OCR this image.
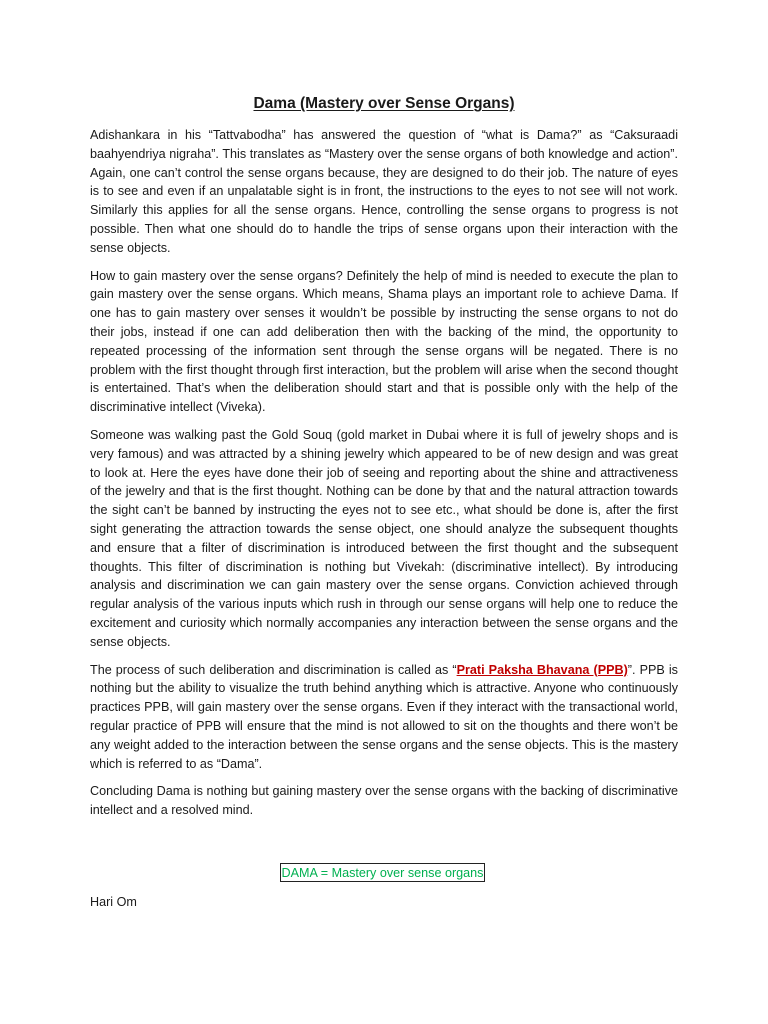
Dama (Mastery over Sense Organs)

Adishankara in his “Tattvabodha” has answered the question of “what is Dama?” as “Caksuraadi baahyendriya nigraha”. This translates as “Mastery over the sense organs of both knowledge and action”. Again, one can’t control the sense organs because, they are designed to do their job. The nature of eyes is to see and even if an unpalatable sight is in front, the instructions to the eyes to not see will not work. Similarly this applies for all the sense organs. Hence, controlling the sense organs to progress is not possible. Then what one should do to handle the trips of sense organs upon their interaction with the sense objects.

How to gain mastery over the sense organs? Definitely the help of mind is needed to execute the plan to gain mastery over the sense organs. Which means, Shama plays an important role to achieve Dama. If one has to gain mastery over senses it wouldn’t be possible by instructing the sense organs to not do their jobs, instead if one can add deliberation then with the backing of the mind, the opportunity to repeated processing of the information sent through the sense organs will be negated. There is no problem with the first thought through first interaction, but the problem will arise when the second thought is entertained. That’s when the deliberation should start and that is possible only with the help of the discriminative intellect (Viveka).

Someone was walking past the Gold Souq (gold market in Dubai where it is full of jewelry shops and is very famous) and was attracted by a shining jewelry which appeared to be of new design and was great to look at. Here the eyes have done their job of seeing and reporting about the shine and attractiveness of the jewelry and that is the first thought. Nothing can be done by that and the natural attraction towards the sight can’t be banned by instructing the eyes not to see etc., what should be done is, after the first sight generating the attraction towards the sense object, one should analyze the subsequent thoughts and ensure that a filter of discrimination is introduced between the first thought and the subsequent thoughts. This filter of discrimination is nothing but Vivekah: (discriminative intellect). By introducing analysis and discrimination we can gain mastery over the sense organs. Conviction achieved through regular analysis of the various inputs which rush in through our sense organs will help one to reduce the excitement and curiosity which normally accompanies any interaction between the sense organs and the sense objects.

The process of such deliberation and discrimination is called as “Prati Paksha Bhavana (PPB)”. PPB is nothing but the ability to visualize the truth behind anything which is attractive. Anyone who continuously practices PPB, will gain mastery over the sense organs. Even if they interact with the transactional world, regular practice of PPB will ensure that the mind is not allowed to sit on the thoughts and there won’t be any weight added to the interaction between the sense organs and the sense objects. This is the mastery which is referred to as “Dama”.

Concluding Dama is nothing but gaining mastery over the sense organs with the backing of discriminative intellect and a resolved mind.

DAMA = Mastery over sense organs
Hari Om
